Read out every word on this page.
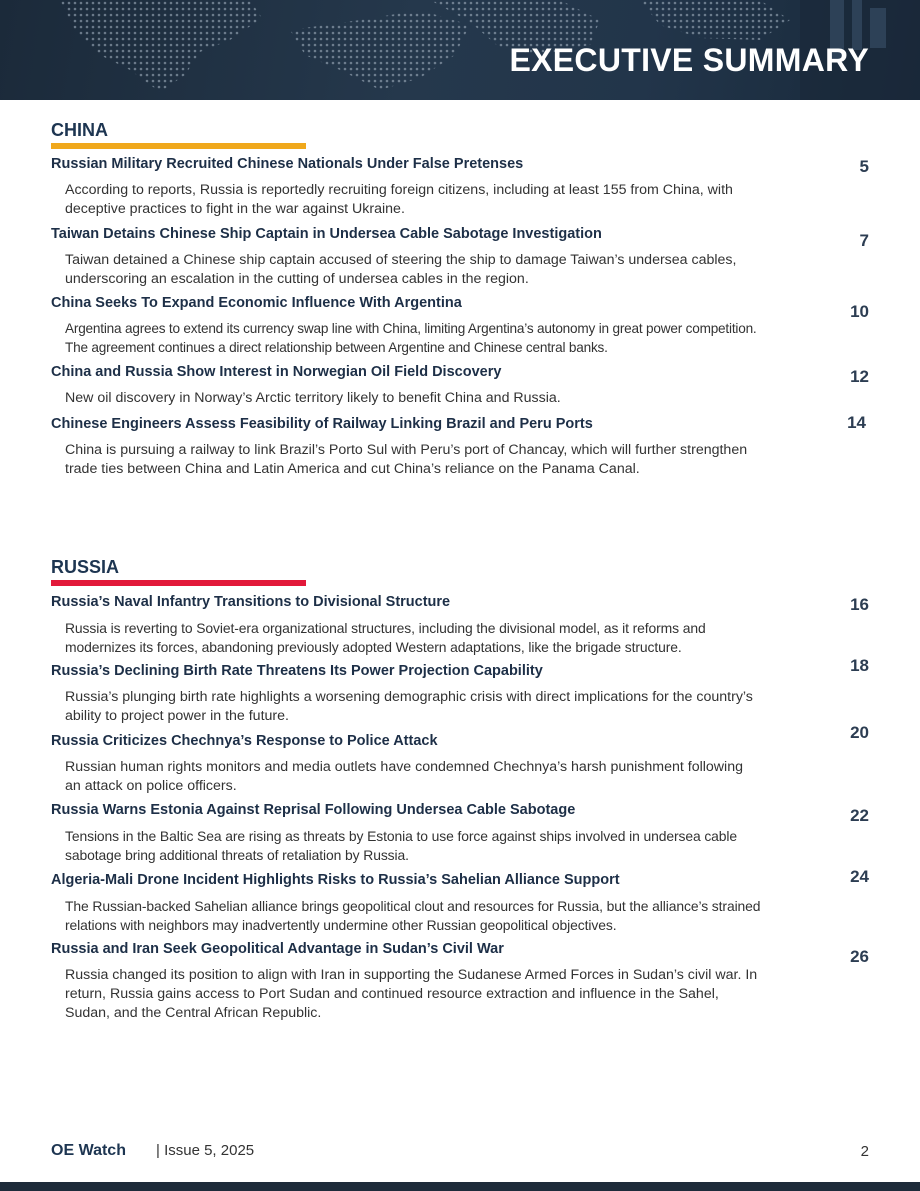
EXECUTIVE SUMMARY
CHINA
Russian Military Recruited Chinese Nationals Under False Pretenses
According to reports, Russia is reportedly recruiting foreign citizens, including at least 155 from China, with deceptive practices to fight in the war against Ukraine.
5
Taiwan Detains Chinese Ship Captain in Undersea Cable Sabotage Investigation
Taiwan detained a Chinese ship captain accused of steering the ship to damage Taiwan’s undersea cables, underscoring an escalation in the cutting of undersea cables in the region.
7
China Seeks To Expand Economic Influence With Argentina
Argentina agrees to extend its currency swap line with China, limiting Argentina’s autonomy in great power competition. The agreement continues a direct relationship between Argentine and Chinese central banks.
10
China and Russia Show Interest in Norwegian Oil Field Discovery
New oil discovery in Norway’s Arctic territory likely to benefit China and Russia.
12
Chinese Engineers Assess Feasibility of Railway Linking Brazil and Peru Ports
China is pursuing a railway to link Brazil’s Porto Sul with Peru’s port of Chancay, which will further strengthen trade ties between China and Latin America and cut China’s reliance on the Panama Canal.
14
RUSSIA
Russia’s Naval Infantry Transitions to Divisional Structure
Russia is reverting to Soviet-era organizational structures, including the divisional model, as it reforms and modernizes its forces, abandoning previously adopted Western adaptations, like the brigade structure.
16
Russia’s Declining Birth Rate Threatens Its Power Projection Capability
Russia’s plunging birth rate highlights a worsening demographic crisis with direct implications for the country’s ability to project power in the future.
18
Russia Criticizes Chechnya’s Response to Police Attack
Russian human rights monitors and media outlets have condemned Chechnya’s harsh punishment following an attack on police officers.
20
Russia Warns Estonia Against Reprisal Following Undersea Cable Sabotage
Tensions in the Baltic Sea are rising as threats by Estonia to use force against ships involved in undersea cable sabotage bring additional threats of retaliation by Russia.
22
Algeria-Mali Drone Incident Highlights Risks to Russia’s Sahelian Alliance Support
The Russian-backed Sahelian alliance brings geopolitical clout and resources for Russia, but the alliance’s strained relations with neighbors may inadvertently undermine other Russian geopolitical objectives.
24
Russia and Iran Seek Geopolitical Advantage in Sudan’s Civil War
Russia changed its position to align with Iran in supporting the Sudanese Armed Forces in Sudan’s civil war. In return, Russia gains access to Port Sudan and continued resource extraction and influence in the Sahel, Sudan, and the Central African Republic.
26
OE Watch | Issue 5, 2025	2
